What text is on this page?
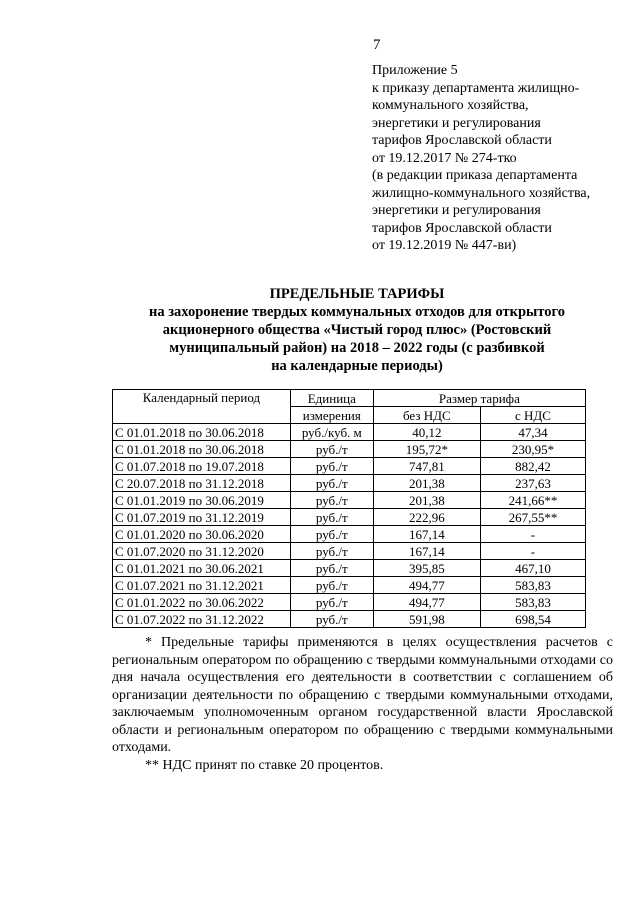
7
Приложение 5
к приказу департамента жилищно-
коммунального хозяйства,
энергетики и регулирования
тарифов Ярославской области
от 19.12.2017 № 274-тко
(в редакции приказа департамента
жилищно-коммунального хозяйства,
энергетики и регулирования
тарифов Ярославской области
от 19.12.2019 № 447-ви)
ПРЕДЕЛЬНЫЕ ТАРИФЫ
на захоронение твердых коммунальных отходов для открытого
акционерного общества «Чистый город плюс» (Ростовский
муниципальный район) на 2018 – 2022 годы (с разбивкой
на календарные периоды)
Календарный период	Единица	Размер тарифа	
	измерения	без НДС	с НДС
С 01.01.2018 по 30.06.2018	руб./куб. м	40,12	47,34
С 01.01.2018 по 30.06.2018	руб./т	195,72*	230,95*
С 01.07.2018 по 19.07.2018	руб./т	747,81	882,42
С 20.07.2018 по 31.12.2018	руб./т	201,38	237,63
С 01.01.2019 по 30.06.2019	руб./т	201,38	241,66**
С 01.07.2019 по 31.12.2019	руб./т	222,96	267,55**
С 01.01.2020 по 30.06.2020	руб./т	167,14	-
С 01.07.2020 по 31.12.2020	руб./т	167,14	-
С 01.01.2021 по 30.06.2021	руб./т	395,85	467,10
С 01.07.2021 по 31.12.2021	руб./т	494,77	583,83
С 01.01.2022 по 30.06.2022	руб./т	494,77	583,83
С 01.07.2022 по 31.12.2022	руб./т	591,98	698,54

* Предельные тарифы применяются в целях осуществления расчетов с региональным оператором по обращению с твердыми коммунальными отходами со дня начала осуществления его деятельности в соответствии с соглашением об организации деятельности по обращению с твердыми коммунальными отходами, заключаемым уполномоченным органом государственной власти Ярославской области и региональным оператором по обращению с твердыми коммунальными отходами.

** НДС принят по ставке 20 процентов.
